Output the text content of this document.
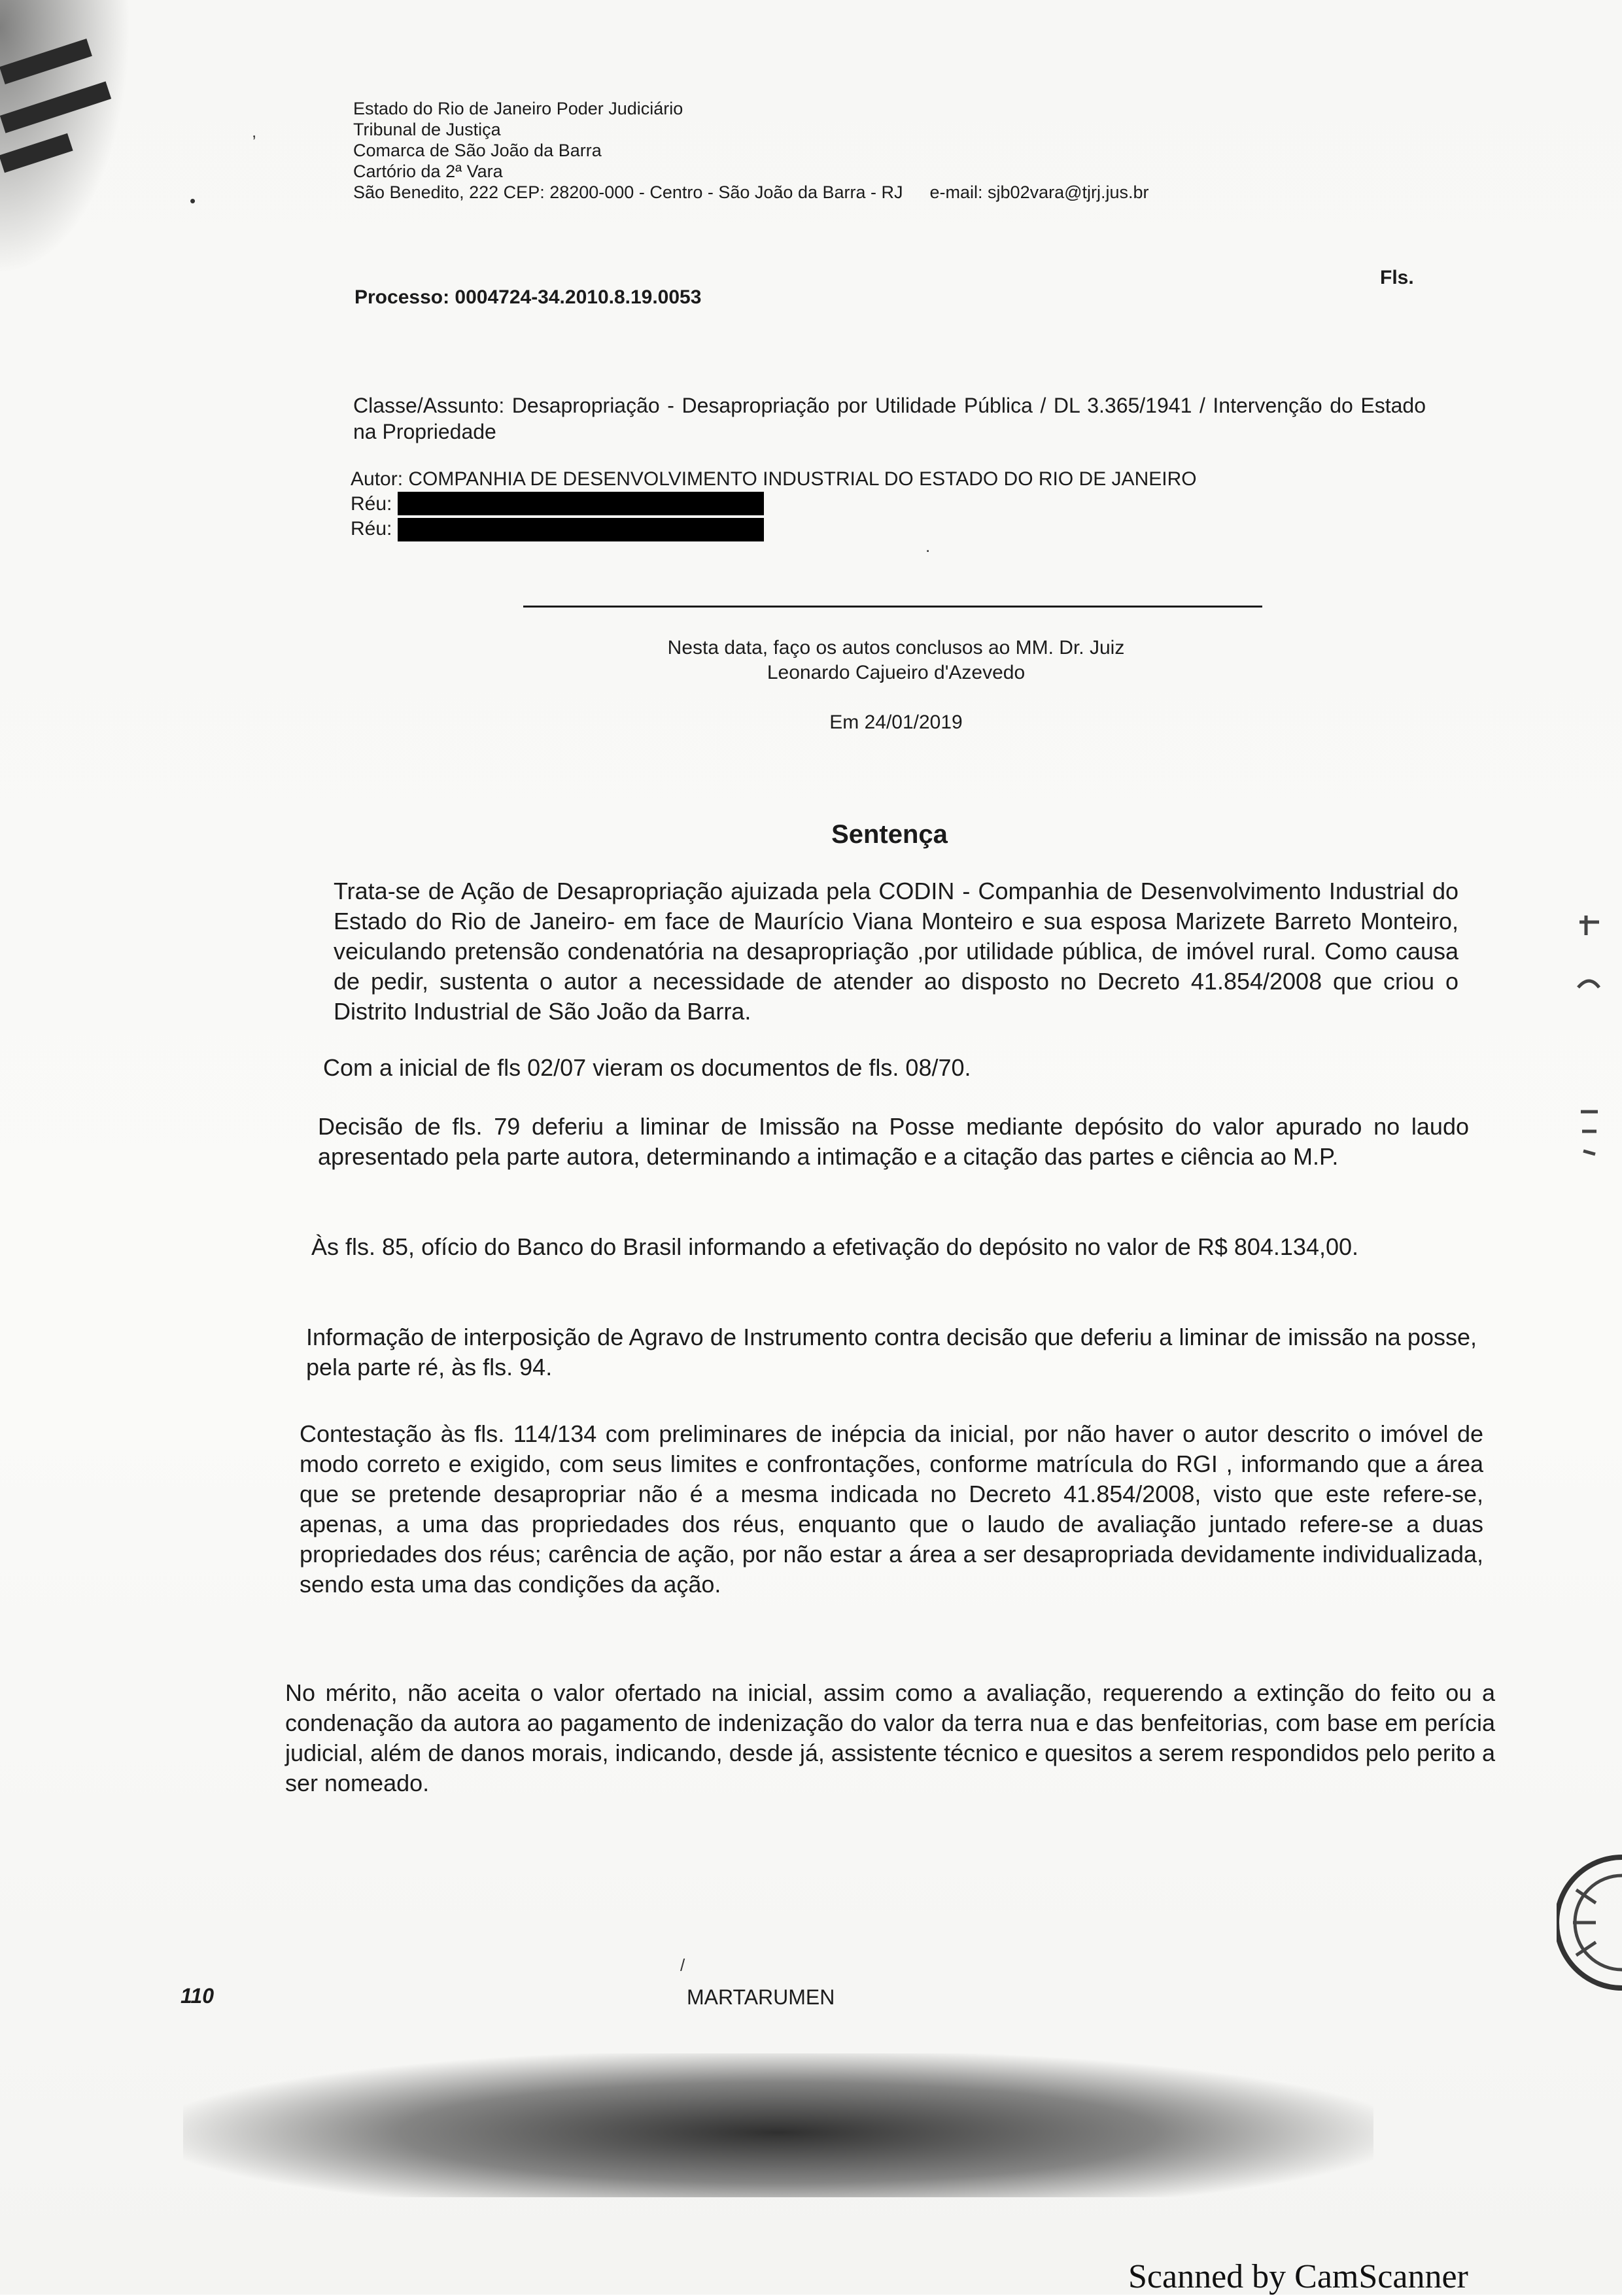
Estado do Rio de Janeiro Poder Judiciário
Tribunal de Justiça
Comarca de São João da Barra
Cartório da 2ª Vara
São Benedito, 222 CEP: 28200-000 - Centro - São João da Barra - RJ e-mail: sjb02vara@tjrj.jus.br
Fls.
Processo: 0004724-34.2010.8.19.0053
Classe/Assunto: Desapropriação - Desapropriação por Utilidade Pública / DL 3.365/1941 / Intervenção do Estado na Propriedade
Autor: COMPANHIA DE DESENVOLVIMENTO INDUSTRIAL DO ESTADO DO RIO DE JANEIRO
Réu:
Réu:
Nesta data, faço os autos conclusos ao MM. Dr. Juiz
Leonardo Cajueiro d'Azevedo
Em 24/01/2019
Sentença
Trata-se de Ação de Desapropriação ajuizada pela CODIN - Companhia de Desenvolvimento Industrial do Estado do Rio de Janeiro- em face de Maurício Viana Monteiro e sua esposa Marizete Barreto Monteiro, veiculando pretensão condenatória na desapropriação ,por utilidade pública, de imóvel rural. Como causa de pedir, sustenta o autor a necessidade de atender ao disposto no Decreto 41.854/2008 que criou o Distrito Industrial de São João da Barra.
Com a inicial de fls 02/07 vieram os documentos de fls. 08/70.
Decisão de fls. 79 deferiu a liminar de Imissão na Posse mediante depósito do valor apurado no laudo apresentado pela parte autora, determinando a intimação e a citação das partes e ciência ao M.P.
Às fls. 85, ofício do Banco do Brasil informando a efetivação do depósito no valor de R$ 804.134,00.
Informação de interposição de Agravo de Instrumento contra decisão que deferiu a liminar de imissão na posse, pela parte ré, às fls. 94.
Contestação às fls. 114/134 com preliminares de inépcia da inicial, por não haver o autor descrito o imóvel de modo correto e exigido, com seus limites e confrontações, conforme matrícula do RGI , informando que a área que se pretende desapropriar não é a mesma indicada no Decreto 41.854/2008, visto que este refere-se, apenas, a uma das propriedades dos réus, enquanto que o laudo de avaliação juntado refere-se a duas propriedades dos réus; carência de ação, por não estar a área a ser desapropriada devidamente individualizada, sendo esta uma das condições da ação.
No mérito, não aceita o valor ofertado na inicial, assim como a avaliação, requerendo a extinção do feito ou a condenação da autora ao pagamento de indenização do valor da terra nua e das benfeitorias, com base em perícia judicial, além de danos morais, indicando, desde já, assistente técnico e quesitos a serem respondidos pelo perito a ser nomeado.
110	MARTARUMEN
,
•
.
/
Scanned by CamScanner
